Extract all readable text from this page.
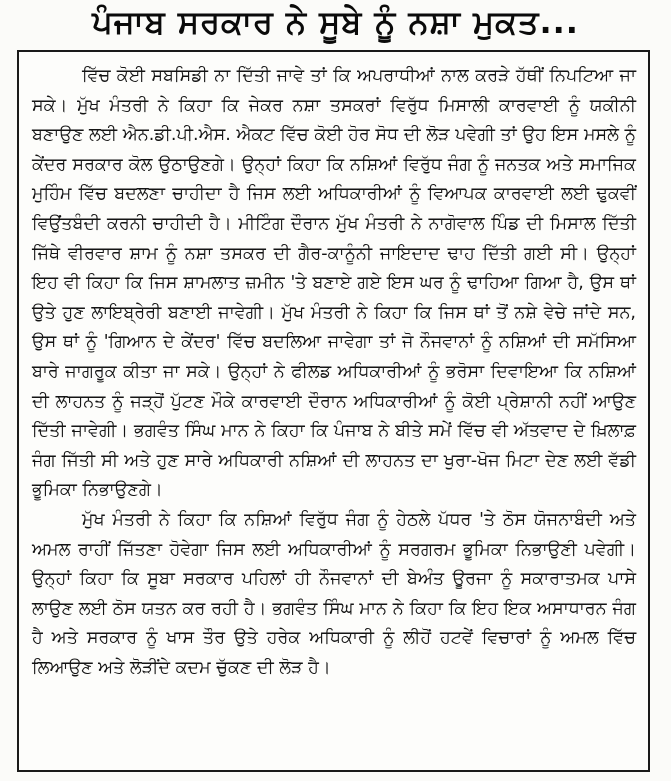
ਪੰਜਾਬ ਸਰਕਾਰ ਨੇ ਸੂਬੇ ਨੂੰ ਨਸ਼ਾ ਮੁਕਤ...

ਵਿੱਚ ਕੋਈ ਸਬਸਿਡੀ ਨਾ ਦਿੱਤੀ ਜਾਵੇ ਤਾਂ ਕਿ ਅਪਰਾਧੀਆਂ ਨਾਲ ਕਰੜੇ ਹੱਥੀਂ ਨਿਪਟਿਆ ਜਾ ਸਕੇ। ਮੁੱਖ ਮੰਤਰੀ ਨੇ ਕਿਹਾ ਕਿ ਜੇਕਰ ਨਸ਼ਾ ਤਸਕਰਾਂ ਵਿਰੁੱਧ ਮਿਸਾਲੀ ਕਾਰਵਾਈ ਨੂੰ ਯਕੀਨੀ ਬਣਾਉਣ ਲਈ ਐਨ.ਡੀ.ਪੀ.ਐਸ. ਐਕਟ ਵਿੱਚ ਕੋਈ ਹੋਰ ਸੋਧ ਦੀ ਲੋੜ ਪਵੇਗੀ ਤਾਂ ਉਹ ਇਸ ਮਸਲੇ ਨੂੰ ਕੇਂਦਰ ਸਰਕਾਰ ਕੋਲ ਉਠਾਉਣਗੇ। ਉਨ੍ਹਾਂ ਕਿਹਾ ਕਿ ਨਸ਼ਿਆਂ ਵਿਰੁੱਧ ਜੰਗ ਨੂੰ ਜਨਤਕ ਅਤੇ ਸਮਾਜਿਕ ਮੁਹਿੰਮ ਵਿੱਚ ਬਦਲਣਾ ਚਾਹੀਦਾ ਹੈ ਜਿਸ ਲਈ ਅਧਿਕਾਰੀਆਂ ਨੂੰ ਵਿਆਪਕ ਕਾਰਵਾਈ ਲਈ ਢੁਕਵੀਂ ਵਿਉਂਤਬੰਦੀ ਕਰਨੀ ਚਾਹੀਦੀ ਹੈ। ਮੀਟਿੰਗ ਦੌਰਾਨ ਮੁੱਖ ਮੰਤਰੀ ਨੇ ਨਾਗੋਵਾਲ ਪਿੰਡ ਦੀ ਮਿਸਾਲ ਦਿੱਤੀ ਜਿੱਥੇ ਵੀਰਵਾਰ ਸ਼ਾਮ ਨੂੰ ਨਸ਼ਾ ਤਸਕਰ ਦੀ ਗੈਰ-ਕਾਨੂੰਨੀ ਜਾਇਦਾਦ ਢਾਹ ਦਿੱਤੀ ਗਈ ਸੀ। ਉਨ੍ਹਾਂ ਇਹ ਵੀ ਕਿਹਾ ਕਿ ਜਿਸ ਸ਼ਾਮਲਾਤ ਜ਼ਮੀਨ 'ਤੇ ਬਣਾਏ ਗਏ ਇਸ ਘਰ ਨੂੰ ਢਾਹਿਆ ਗਿਆ ਹੈ, ਉਸ ਥਾਂ ਉਤੇ ਹੁਣ ਲਾਇਬ੍ਰੇਰੀ ਬਣਾਈ ਜਾਵੇਗੀ। ਮੁੱਖ ਮੰਤਰੀ ਨੇ ਕਿਹਾ ਕਿ ਜਿਸ ਥਾਂ ਤੋਂ ਨਸ਼ੇ ਵੇਚੇ ਜਾਂਦੇ ਸਨ, ਉਸ ਥਾਂ ਨੂੰ 'ਗਿਆਨ ਦੇ ਕੇਂਦਰ' ਵਿੱਚ ਬਦਲਿਆ ਜਾਵੇਗਾ ਤਾਂ ਜੋ ਨੌਜਵਾਨਾਂ ਨੂੰ ਨਸ਼ਿਆਂ ਦੀ ਸਮੱਸਿਆ ਬਾਰੇ ਜਾਗਰੂਕ ਕੀਤਾ ਜਾ ਸਕੇ। ਉਨ੍ਹਾਂ ਨੇ ਫੀਲਡ ਅਧਿਕਾਰੀਆਂ ਨੂੰ ਭਰੋਸਾ ਦਿਵਾਇਆ ਕਿ ਨਸ਼ਿਆਂ ਦੀ ਲਾਹਨਤ ਨੂੰ ਜੜ੍ਹੋਂ ਪੁੱਟਣ ਮੌਕੇ ਕਾਰਵਾਈ ਦੌਰਾਨ ਅਧਿਕਾਰੀਆਂ ਨੂੰ ਕੋਈ ਪ੍ਰੇਸ਼ਾਨੀ ਨਹੀਂ ਆਉਣ ਦਿੱਤੀ ਜਾਵੇਗੀ। ਭਗਵੰਤ ਸਿੰਘ ਮਾਨ ਨੇ ਕਿਹਾ ਕਿ ਪੰਜਾਬ ਨੇ ਬੀਤੇ ਸਮੇਂ ਵਿੱਚ ਵੀ ਅੱਤਵਾਦ ਦੇ ਖ਼ਿਲਾਫ਼ ਜੰਗ ਜਿੱਤੀ ਸੀ ਅਤੇ ਹੁਣ ਸਾਰੇ ਅਧਿਕਾਰੀ ਨਸ਼ਿਆਂ ਦੀ ਲਾਹਨਤ ਦਾ ਖੁਰਾ-ਖੋਜ ਮਿਟਾ ਦੇਣ ਲਈ ਵੱਡੀ ਭੂਮਿਕਾ ਨਿਭਾਉਣਗੇ।

ਮੁੱਖ ਮੰਤਰੀ ਨੇ ਕਿਹਾ ਕਿ ਨਸ਼ਿਆਂ ਵਿਰੁੱਧ ਜੰਗ ਨੂੰ ਹੇਠਲੇ ਪੱਧਰ 'ਤੇ ਠੋਸ ਯੋਜਨਾਬੰਦੀ ਅਤੇ ਅਮਲ ਰਾਹੀਂ ਜਿੱਤਣਾ ਹੋਵੇਗਾ ਜਿਸ ਲਈ ਅਧਿਕਾਰੀਆਂ ਨੂੰ ਸਰਗਰਮ ਭੂਮਿਕਾ ਨਿਭਾਉਣੀ ਪਵੇਗੀ। ਉਨ੍ਹਾਂ ਕਿਹਾ ਕਿ ਸੂਬਾ ਸਰਕਾਰ ਪਹਿਲਾਂ ਹੀ ਨੌਜਵਾਨਾਂ ਦੀ ਬੇਅੰਤ ਊਰਜਾ ਨੂੰ ਸਕਾਰਾਤਮਕ ਪਾਸੇ ਲਾਉਣ ਲਈ ਠੋਸ ਯਤਨ ਕਰ ਰਹੀ ਹੈ। ਭਗਵੰਤ ਸਿੰਘ ਮਾਨ ਨੇ ਕਿਹਾ ਕਿ ਇਹ ਇਕ ਅਸਾਧਾਰਨ ਜੰਗ ਹੈ ਅਤੇ ਸਰਕਾਰ ਨੂੰ ਖਾਸ ਤੌਰ ਉਤੇ ਹਰੇਕ ਅਧਿਕਾਰੀ ਨੂੰ ਲੀਹੋਂ ਹਟਵੇਂ ਵਿਚਾਰਾਂ ਨੂੰ ਅਮਲ ਵਿੱਚ ਲਿਆਉਣ ਅਤੇ ਲੋੜੀਂਦੇ ਕਦਮ ਚੁੱਕਣ ਦੀ ਲੋੜ ਹੈ।
